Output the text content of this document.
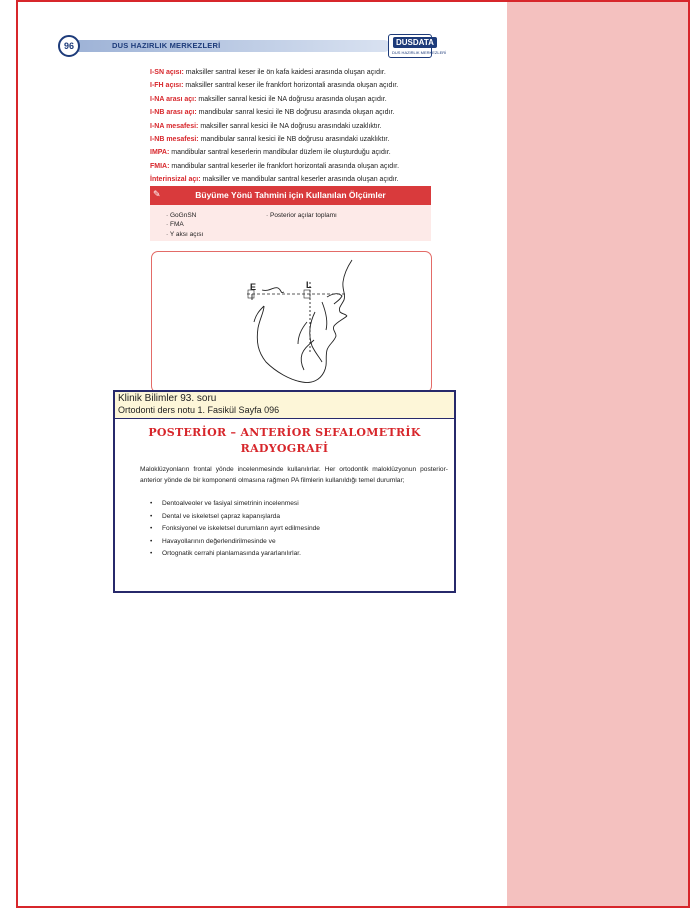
96	DUS HAZIRLIK MERKEZLERİ	DUSDATA
DUS HAZIRLIK MERKEZLERİ
I-SN açısı: maksiller santral keser ile ön kafa kaidesi arasında oluşan açıdır.
I-FH açısı: maksiller santral keser ile frankfort horizontali arasında oluşan açıdır.
I-NA arası açı: maksiller sanral kesici ile NA doğrusu arasında oluşan açıdır.
I-NB arası açı: mandibular sanral kesici ile NB doğrusu arasında oluşan açıdır.
I-NA mesafesi: maksiller sanral kesici ile NA doğrusu arasındaki uzaklıktır.
I-NB mesafesi: mandibular sanral kesici ile NB doğrusu arasındaki uzaklıktır.
IMPA: mandibular santral keserlerin mandibular düzlem ile oluşturduğu açıdır.
FMIA: mandibular santral keserler ile frankfort horizontali arasında oluşan açıdır.
İnterinsizal açı: maksiller ve mandibular santral keserler arasında oluşan açıdır.
✎	Büyüme Yönü Tahmini için Kullanılan Ölçümler
· GoGnSN
· FMA
· Y aksı açısı
· Posterior açılar toplamı
E	L
Klinik Bilimler 93. soru
Ortodonti ders notu 1. Fasikül Sayfa 096
POSTERİOR – ANTERİOR SEFALOMETRİK
RADYOGRAFİ
Maloklüzyonların frontal yönde incelenmesinde kullanılırlar. Her ortodontik maloklüzyonun posterior-anterior yönde de bir komponenti olmasına rağmen PA filmlerin kullanıldığı temel durumlar;
• Dentoalveoler ve fasiyal simetrinin incelenmesi
• Dental ve iskeletsel çapraz kapanışlarda
• Fonksiyonel ve iskeletsel durumların ayırt edilmesinde
• Havayollarının değerlendirilmesinde ve
• Ortognatik cerrahi planlamasında yararlanılırlar.
